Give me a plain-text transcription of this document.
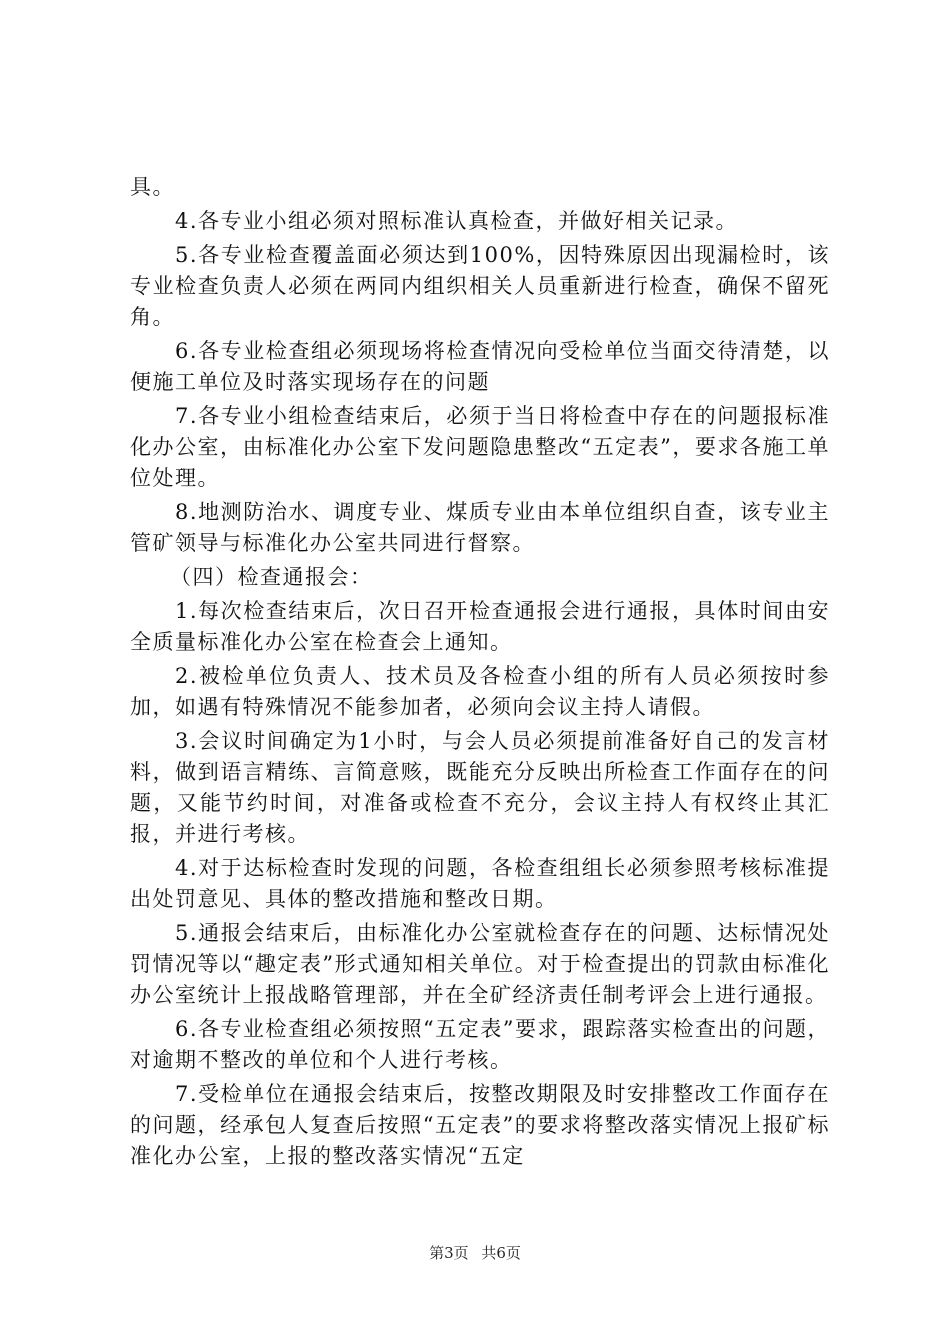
具。

4.各专业小组必须对照标准认真检查，并做好相关记录。

5.各专业检查覆盖面必须达到100%，因特殊原因出现漏检时，该专业检查负责人必须在两同内组织相关人员重新进行检查，确保不留死角。

6.各专业检查组必须现场将检查情况向受检单位当面交待清楚，以便施工单位及时落实现场存在的问题

7.各专业小组检查结束后，必须于当日将检查中存在的问题报标准化办公室，由标准化办公室下发问题隐患整改“五定表”，要求各施工单位处理。

8.地测防治水、调度专业、煤质专业由本单位组织自查，该专业主管矿领导与标准化办公室共同进行督察。

（四）检查通报会：

1.每次检查结束后，次日召开检查通报会进行通报，具体时间由安全质量标准化办公室在检查会上通知。

2.被检单位负责人、技术员及各检查小组的所有人员必须按时参加，如遇有特殊情况不能参加者，必须向会议主持人请假。

3.会议时间确定为1小时，与会人员必须提前准备好自己的发言材料，做到语言精练、言简意赅，既能充分反映出所检查工作面存在的问题，又能节约时间，对准备或检查不充分，会议主持人有权终止其汇报，并进行考核。

4.对于达标检查时发现的问题，各检查组组长必须参照考核标准提出处罚意见、具体的整改措施和整改日期。

5.通报会结束后，由标准化办公室就检查存在的问题、达标情况处罚情况等以“趣定表”形式通知相关单位。对于检查提出的罚款由标准化办公室统计上报战略管理部，并在全矿经济责任制考评会上进行通报。

6.各专业检查组必须按照“五定表”要求，跟踪落实检查出的问题，对逾期不整改的单位和个人进行考核。

7.受检单位在通报会结束后，按整改期限及时安排整改工作面存在的问题，经承包人复查后按照“五定表”的要求将整改落实情况上报矿标准化办公室，上报的整改落实情况“五定

第3页 共6页
